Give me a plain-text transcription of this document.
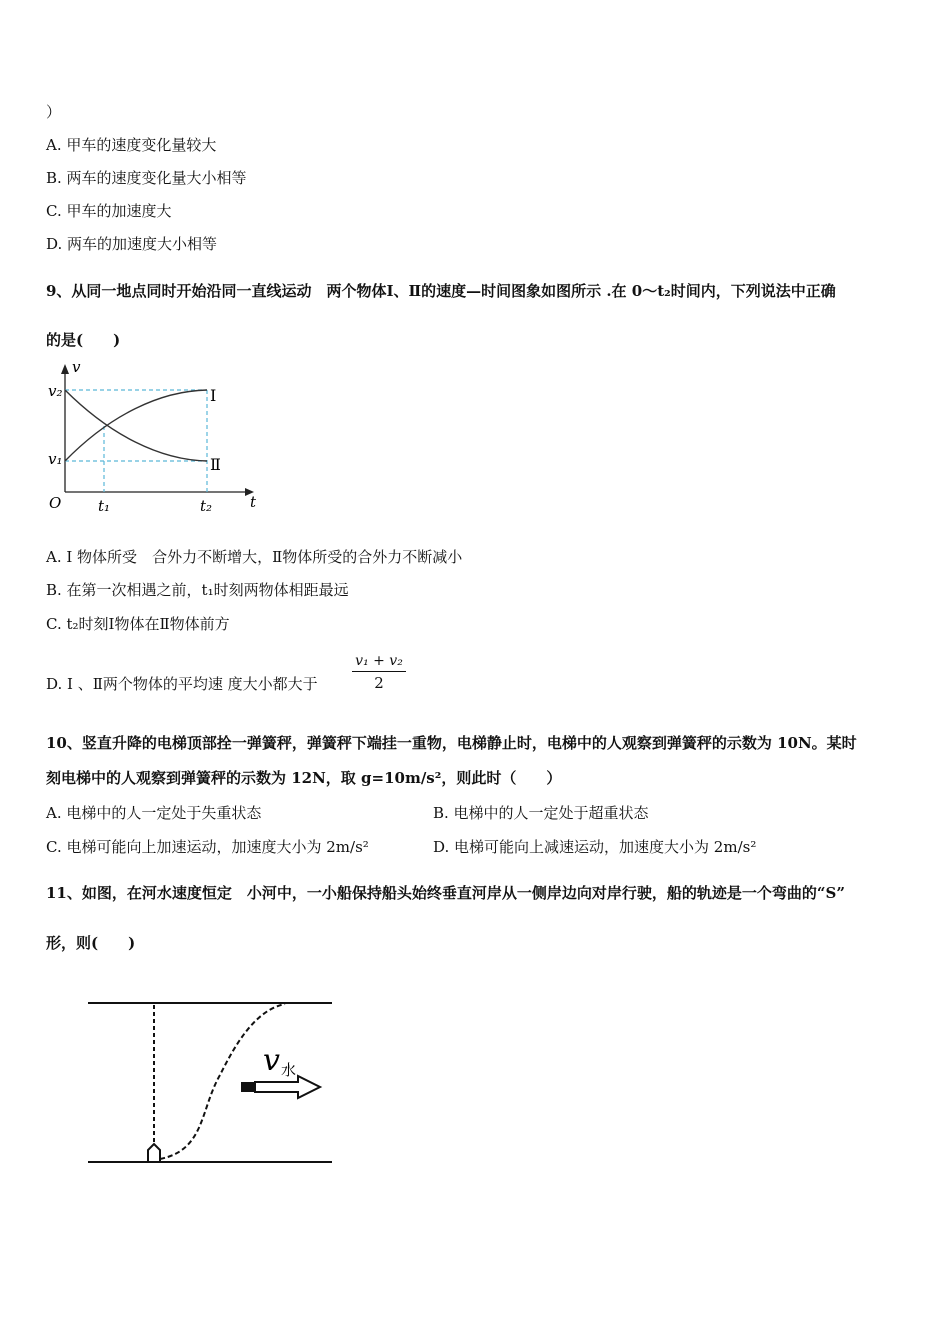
）
A. 甲车的速度变化量较大
B. 两车的速度变化量大小相等
C. 甲车的加速度大
D. 两车的加速度大小相等
9、从同一地点同时开始沿同一直线运动　两个物体Ⅰ、Ⅱ的速度—时间图象如图所示 .在 0～t₂时间内，下列说法中正确
的是(　　)
v
t
O
v₂
v₁
t₁	t₂
Ⅰ
Ⅱ
A. Ⅰ 物体所受　合外力不断增大，Ⅱ物体所受的合外力不断减小
B. 在第一次相遇之前，t₁时刻两物体相距最远
C. t₂时刻Ⅰ物体在Ⅱ物体前方
D. Ⅰ 、Ⅱ两个物体的平均速 度大小都大于
v₁ + v₂
2
10、竖直升降的电梯顶部拴一弹簧秤，弹簧秤下端挂一重物，电梯静止时，电梯中的人观察到弹簧秤的示数为 10N。某时
刻电梯中的人观察到弹簧秤的示数为 12N，取 g=10m/s²，则此时（　　）
A. 电梯中的人一定处于失重状态	B. 电梯中的人一定处于超重状态
C. 电梯可能向上加速运动，加速度大小为 2m/s²	D. 电梯可能向上减速运动，加速度大小为 2m/s²
11、如图，在河水速度恒定　小河中，一小船保持船头始终垂直河岸从一侧岸边向对岸行驶，船的轨迹是一个弯曲的“S”
形，则(　　)
v 水
